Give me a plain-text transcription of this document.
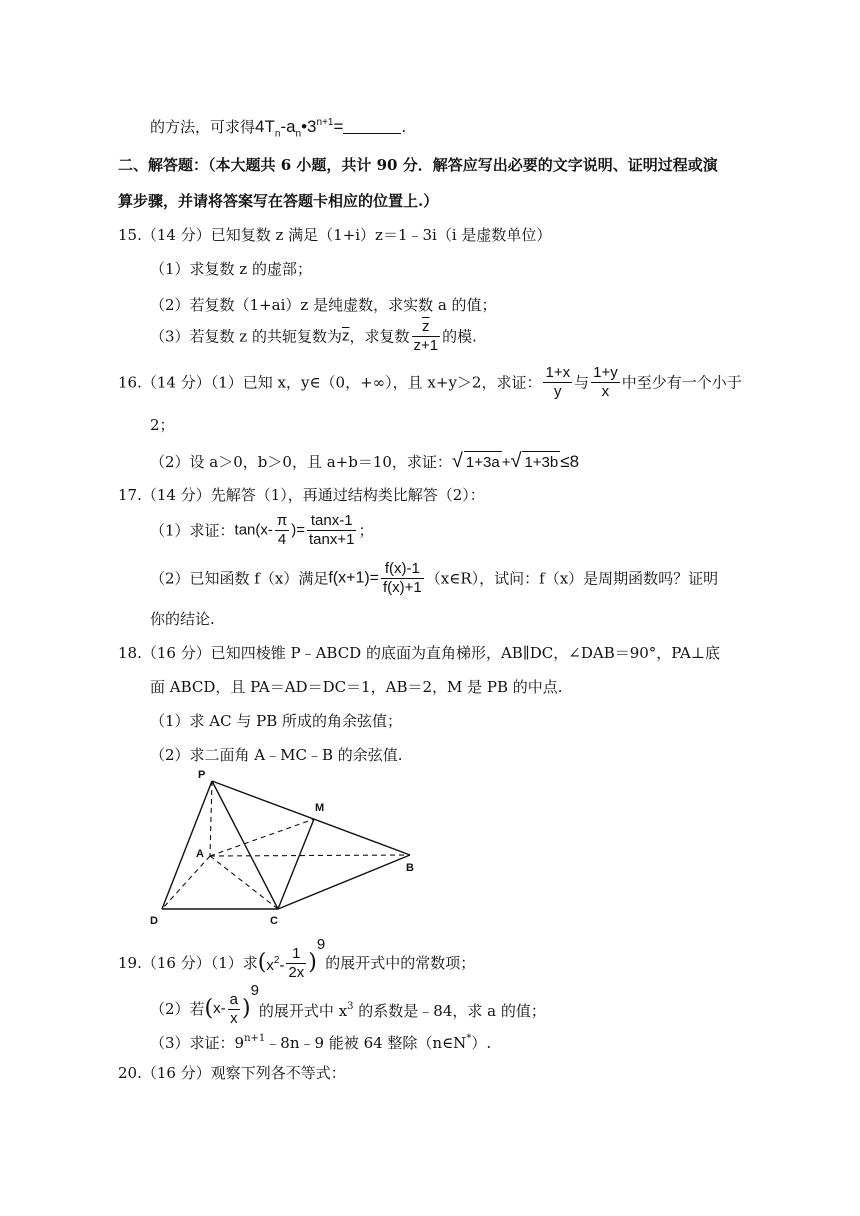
的方法，可求得$4T_n-a_n•3^{n+1}=$	.
二、解答题：（本大题共 6 小题，共计 90 分．解答应写出必要的文字说明、证明过程或演
算步骤，并请将答案写在答题卡相应的位置上.）
15.（14 分）已知复数 z 满足（1+i）z＝1﹣3i（i 是虚数单位）
（1）求复数 z 的虚部；
（2）若复数（1+ai）z 是纯虚数，求实数 a 的值；
（3）若复数 z 的共轭复数为$\overline{z}$，求复数 $\frac{\overline{z}}{z+1}$ 的模.
16.（14 分）（1）已知 x，y∈（0，+∞），且 x+y＞2，求证： $\frac{1+x}{y}$ 与 $\frac{1+y}{x}$ 中至少有一个小于
2；
（2）设 a＞0，b＞0，且 a+b＝10，求证：√ 1+3a +√ 1+3b ≤8
17.（14 分）先解答（1），再通过结构类比解答（2）：
（1）求证：$\tan(x- \frac{\pi}{4}$ )= $\frac{\tan x-1}{\tan x+1}$ ；
（2）已知函数 f（x）满足$f(x+1)= \frac{f(x)-1}{f(x)+1}$ （x∈R），试问：f（x）是周期函数吗？证明
你的结论.
18.（16 分）已知四棱锥 P﹣ABCD 的底面为直角梯形，AB∥DC，∠DAB＝90°，PA⊥底
面 ABCD，且 PA＝AD＝DC＝1，AB＝2，M 是 PB 的中点.
（1）求 AC 与 PB 所成的角余弦值；
（2）求二面角 A﹣MC﹣B 的余弦值.
P
M
A
B
D	C
19.（16 分）（1）求$(x^2- \frac{1}{2x} )^9$的展开式中的常数项；
（2）若$(x- \frac{a}{x} )^9$的展开式中 $x^3$ 的系数是﹣84，求 a 的值；
（3）求证：$9^{n+1}﹣8n﹣9$ 能被 64 整除（n∈N*）.
20.（16 分）观察下列各不等式：
